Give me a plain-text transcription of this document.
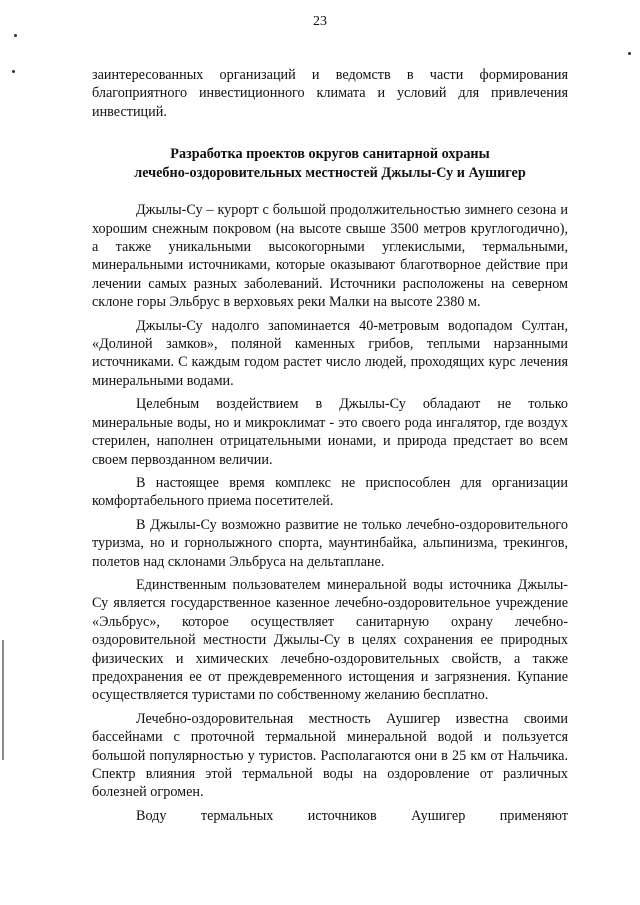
23

заинтересованных организаций и ведомств в части формирования благоприятного инвестиционного климата и условий для привлечения инвестиций.

Разработка проектов округов санитарной охраны
лечебно-оздоровительных местностей Джылы-Су и Аушигер

Джылы-Су – курорт с большой продолжительностью зимнего сезона и хорошим снежным покровом (на высоте свыше 3500 метров круглогодично), а также уникальными высокогорными углекислыми, термальными, минеральными источниками, которые оказывают благотворное действие при лечении самых разных заболеваний. Источники расположены на северном склоне горы Эльбрус в верховьях реки Малки на высоте 2380 м.

Джылы-Су надолго запоминается 40-метровым водопадом Султан, «Долиной замков», поляной каменных грибов, теплыми нарзанными источниками. С каждым годом растет число людей, проходящих курс лечения минеральными водами.

Целебным воздействием в Джылы-Су обладают не только минеральные воды, но и микроклимат - это своего рода ингалятор, где воздух стерилен, наполнен отрицательными ионами, и природа предстает во всем своем первозданном величии.

В настоящее время комплекс не приспособлен для организации комфортабельного приема посетителей.

В Джылы-Су возможно развитие не только лечебно-оздоровительного туризма, но и горнолыжного спорта, маунтинбайка, альпинизма, трекингов, полетов над склонами Эльбруса на дельтаплане.

Единственным пользователем минеральной воды источника Джылы-Су является государственное казенное лечебно-оздоровительное учреждение «Эльбрус», которое осуществляет санитарную охрану лечебно-оздоровительной местности Джылы-Су в целях сохранения ее природных физических и химических лечебно-оздоровительных свойств, а также предохранения ее от преждевременного истощения и загрязнения. Купание осуществляется туристами по собственному желанию бесплатно.

Лечебно-оздоровительная местность Аушигер известна своими бассейнами с проточной термальной минеральной водой и пользуется большой популярностью у туристов. Располагаются они в 25 км от Нальчика. Спектр влияния этой термальной воды на оздоровление от различных болезней огромен.

Воду термальных источников Аушигер применяют
